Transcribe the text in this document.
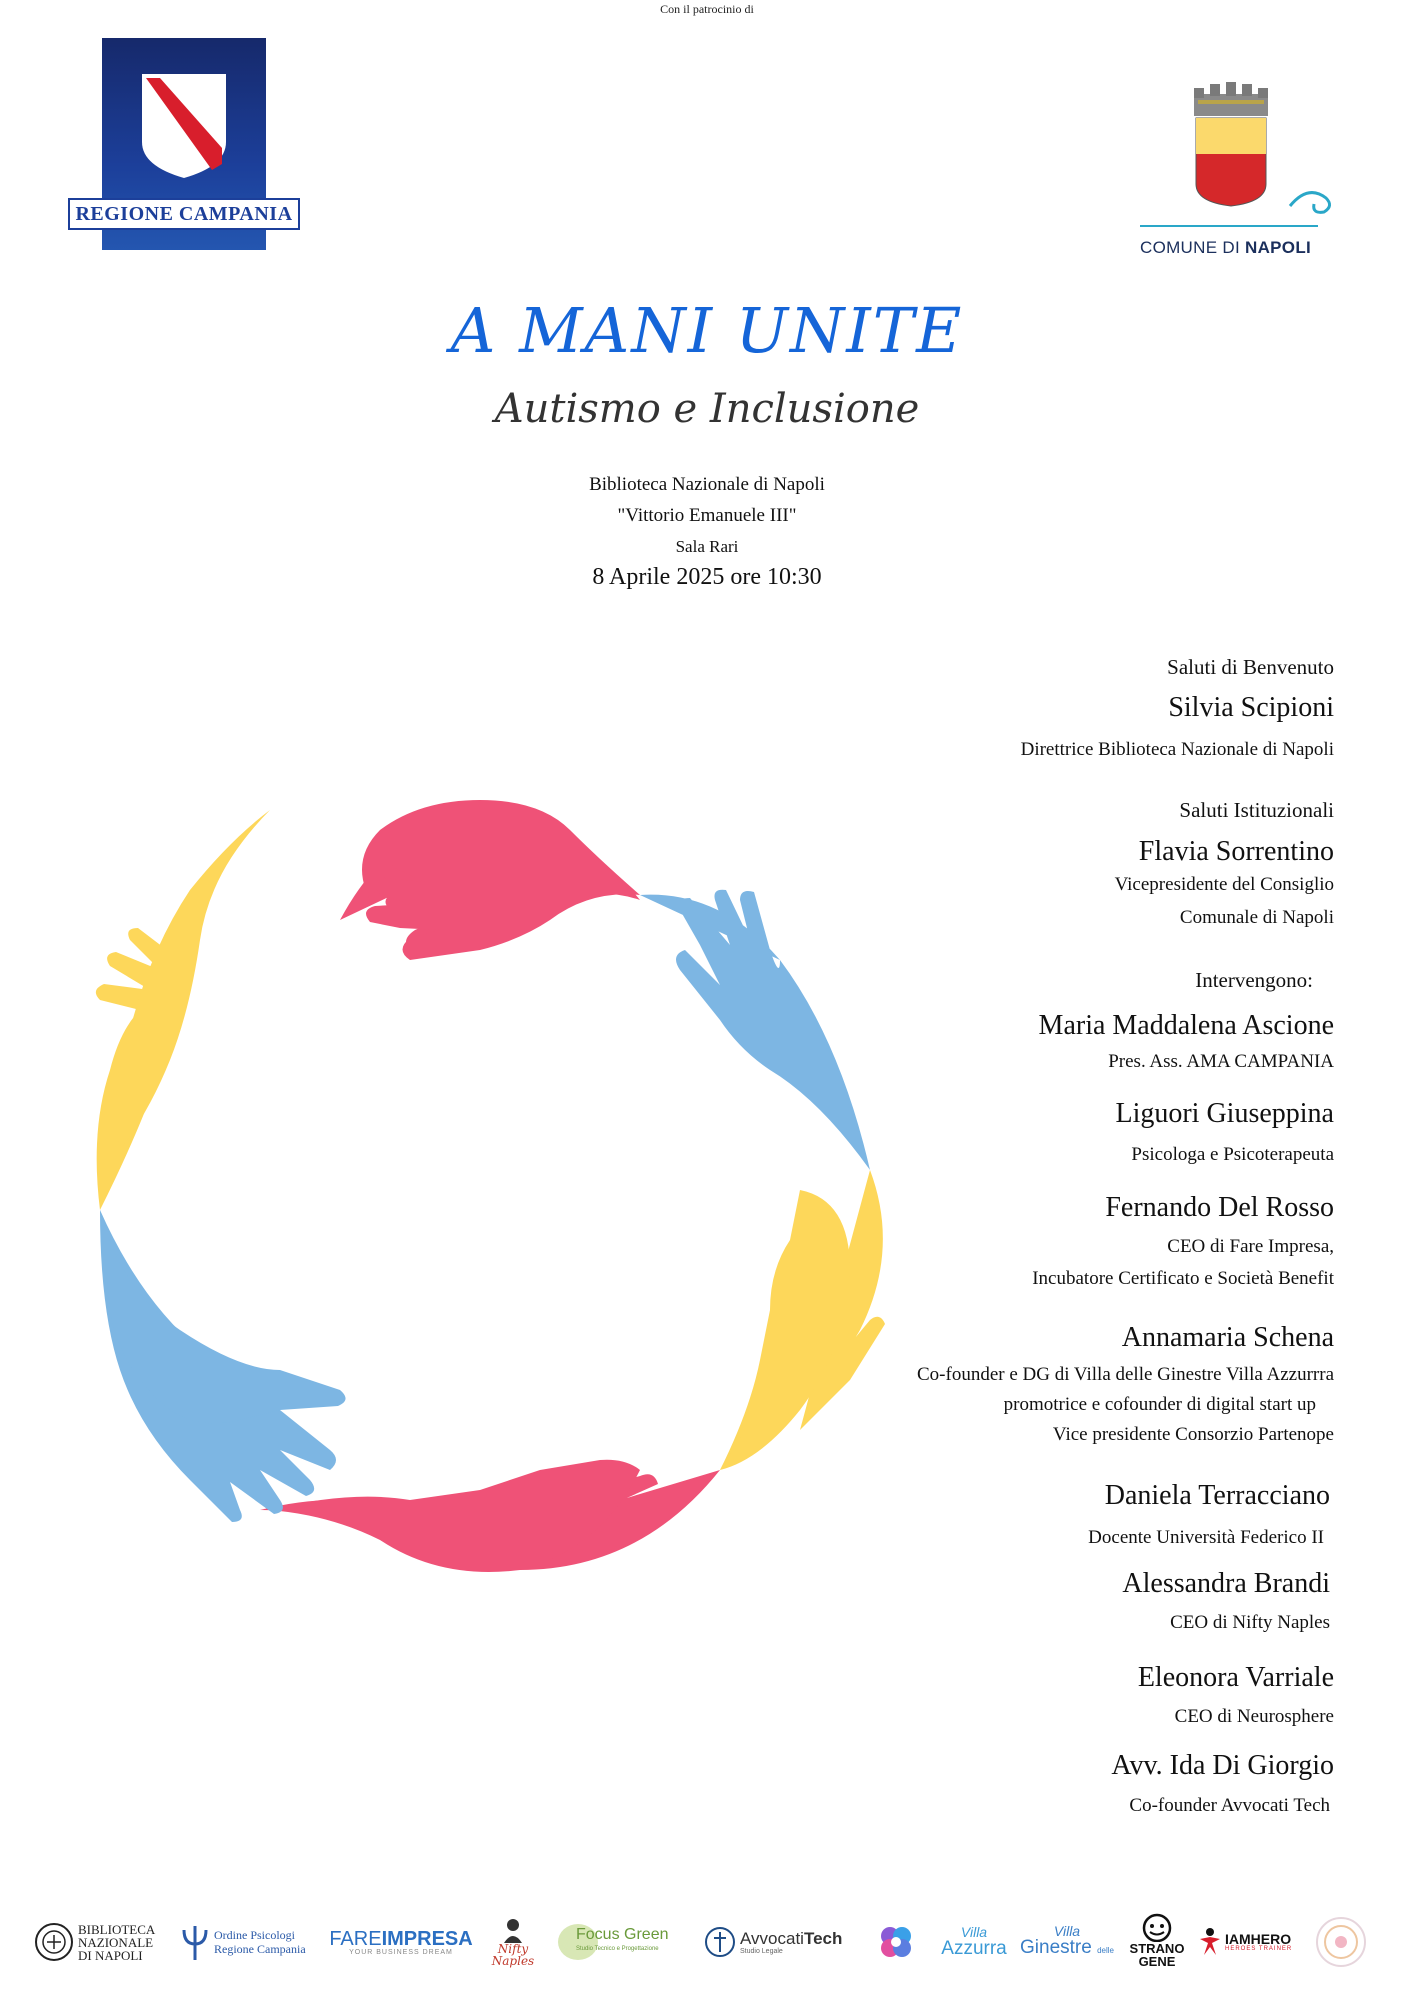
Con il patrocinio di
REGIONE CAMPANIA
COMUNE DI NAPOLI
A MANI UNITE
Autismo e Inclusione
Biblioteca Nazionale di Napoli
"Vittorio Emanuele III"
Sala Rari
8 Aprile 2025 ore 10:30
Saluti di Benvenuto
Silvia Scipioni
Direttrice Biblioteca Nazionale di Napoli
Saluti Istituzionali
Flavia Sorrentino
Vicepresidente del Consiglio
Comunale di Napoli
Intervengono:
Maria Maddalena Ascione
Pres. Ass. AMA CAMPANIA
Liguori Giuseppina
Psicologa e Psicoterapeuta
Fernando Del Rosso
CEO di Fare Impresa,
Incubatore Certificato e Società Benefit
Annamaria Schena
Co-founder e DG di Villa delle Ginestre Villa Azzurrra
promotrice e cofounder di digital start up
Vice presidente Consorzio Partenope
Daniela Terracciano
Docente Università Federico II
Alessandra Brandi
CEO di Nifty Naples
Eleonora Varriale
CEO di Neurosphere
Avv. Ida Di Giorgio
Co-founder Avvocati Tech
BIBLIOTECA
NAZIONALE
DI NAPOLI
Ordine Psicologi
Regione Campania FAREIMPRESA
YOUR BUSINESS DREAM	Nifty
Naples
Focus Green
Studio Tecnico e Progettazione
AvvocatiTech
Studio Legale
Villa
Azzurra
Villa
Ginestre delle STRANO
GENE
IAMHERO
HEROES TRAINER
